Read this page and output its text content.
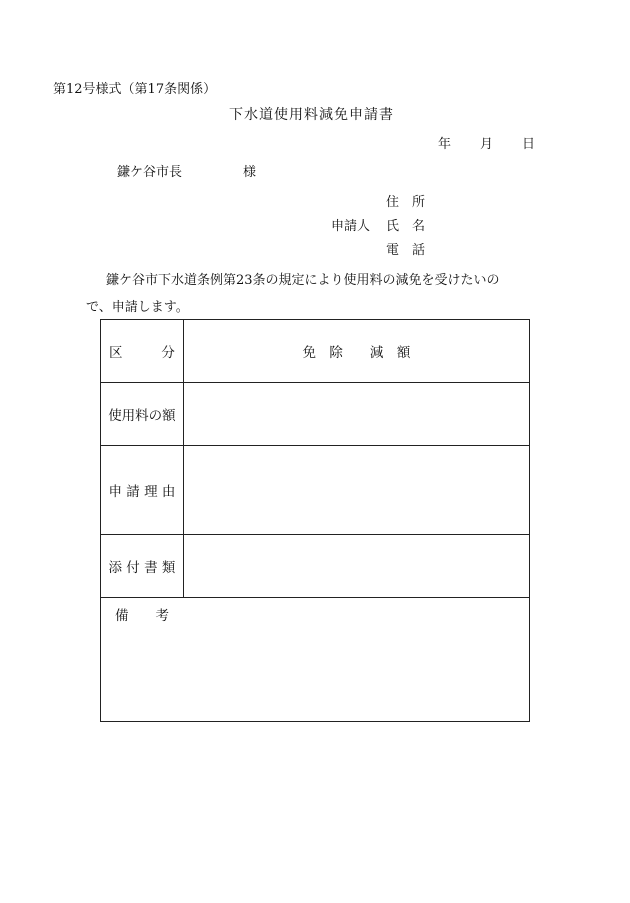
第12号様式（第17条関係）
下水道使用料減免申請書
年 月 日
鎌ケ谷市長	様
住　所
申請人 氏　名
電　話
鎌ケ谷市下水道条例第23条の規定により使用料の減免を受けたいの
で、申請します。
区 分	免　除　　減　額
使用料の額	
申 請 理 由	
添 付 書 類	

備　　考	
